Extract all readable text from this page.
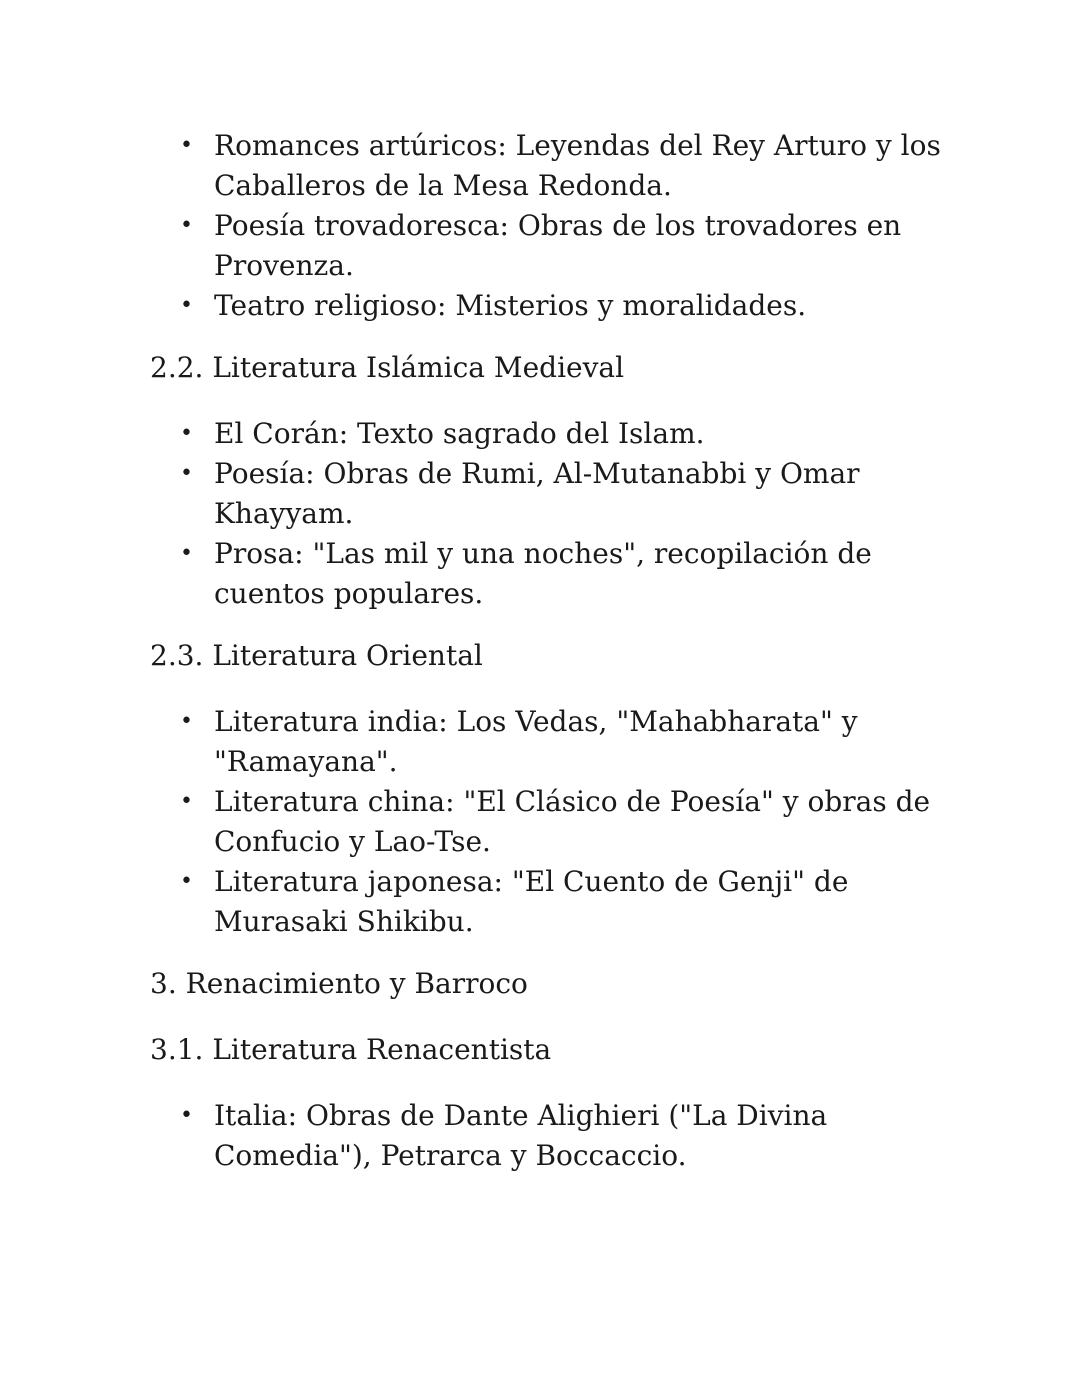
• Romances artúricos: Leyendas del Rey Arturo y los Caballeros de la Mesa Redonda.
• Poesía trovadoresca: Obras de los trovadores en Provenza.
• Teatro religioso: Misterios y moralidades.
2.2. Literatura Islámica Medieval
• El Corán: Texto sagrado del Islam.
• Poesía: Obras de Rumi, Al-Mutanabbi y Omar Khayyam.
• Prosa: "Las mil y una noches", recopilación de cuentos populares.
2.3. Literatura Oriental
• Literatura india: Los Vedas, "Mahabharata" y "Ramayana".
• Literatura china: "El Clásico de Poesía" y obras de Confucio y Lao-Tse.
• Literatura japonesa: "El Cuento de Genji" de Murasaki Shikibu.
3. Renacimiento y Barroco
3.1. Literatura Renacentista
• Italia: Obras de Dante Alighieri ("La Divina Comedia"), Petrarca y Boccaccio.
